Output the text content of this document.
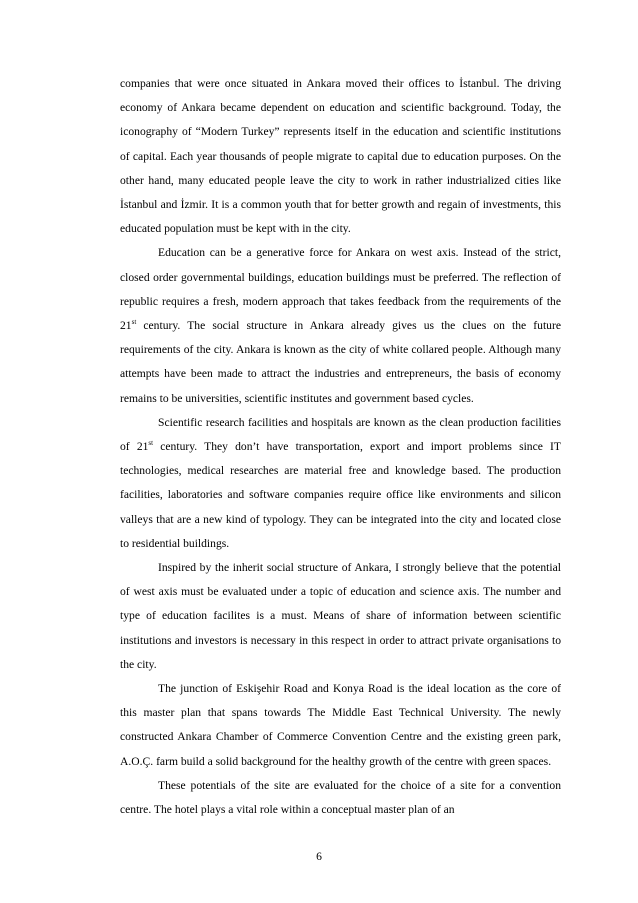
companies that were once situated in Ankara moved their offices to İstanbul. The driving economy of Ankara became dependent on education and scientific background. Today, the iconography of “Modern Turkey” represents itself in the education and scientific institutions of capital. Each year thousands of people migrate to capital due to education purposes. On the other hand, many educated people leave the city to work in rather industrialized cities like İstanbul and İzmir. It is a common youth that for better growth and regain of investments, this educated population must be kept with in the city.

Education can be a generative force for Ankara on west axis. Instead of the strict, closed order governmental buildings, education buildings must be preferred. The reflection of republic requires a fresh, modern approach that takes feedback from the requirements of the 21st century. The social structure in Ankara already gives us the clues on the future requirements of the city. Ankara is known as the city of white collared people. Although many attempts have been made to attract the industries and entrepreneurs, the basis of economy remains to be universities, scientific institutes and government based cycles.

Scientific research facilities and hospitals are known as the clean production facilities of 21st century. They don’t have transportation, export and import problems since IT technologies, medical researches are material free and knowledge based. The production facilities, laboratories and software companies require office like environments and silicon valleys that are a new kind of typology. They can be integrated into the city and located close to residential buildings.

Inspired by the inherit social structure of Ankara, I strongly believe that the potential of west axis must be evaluated under a topic of education and science axis. The number and type of education facilites is a must. Means of share of information between scientific institutions and investors is necessary in this respect in order to attract private organisations to the city.

The junction of Eskişehir Road and Konya Road is the ideal location as the core of this master plan that spans towards The Middle East Technical University. The newly constructed Ankara Chamber of Commerce Convention Centre and the existing green park, A.O.Ç. farm build a solid background for the healthy growth of the centre with green spaces.

These potentials of the site are evaluated for the choice of a site for a convention centre. The hotel plays a vital role within a conceptual master plan of an

6
